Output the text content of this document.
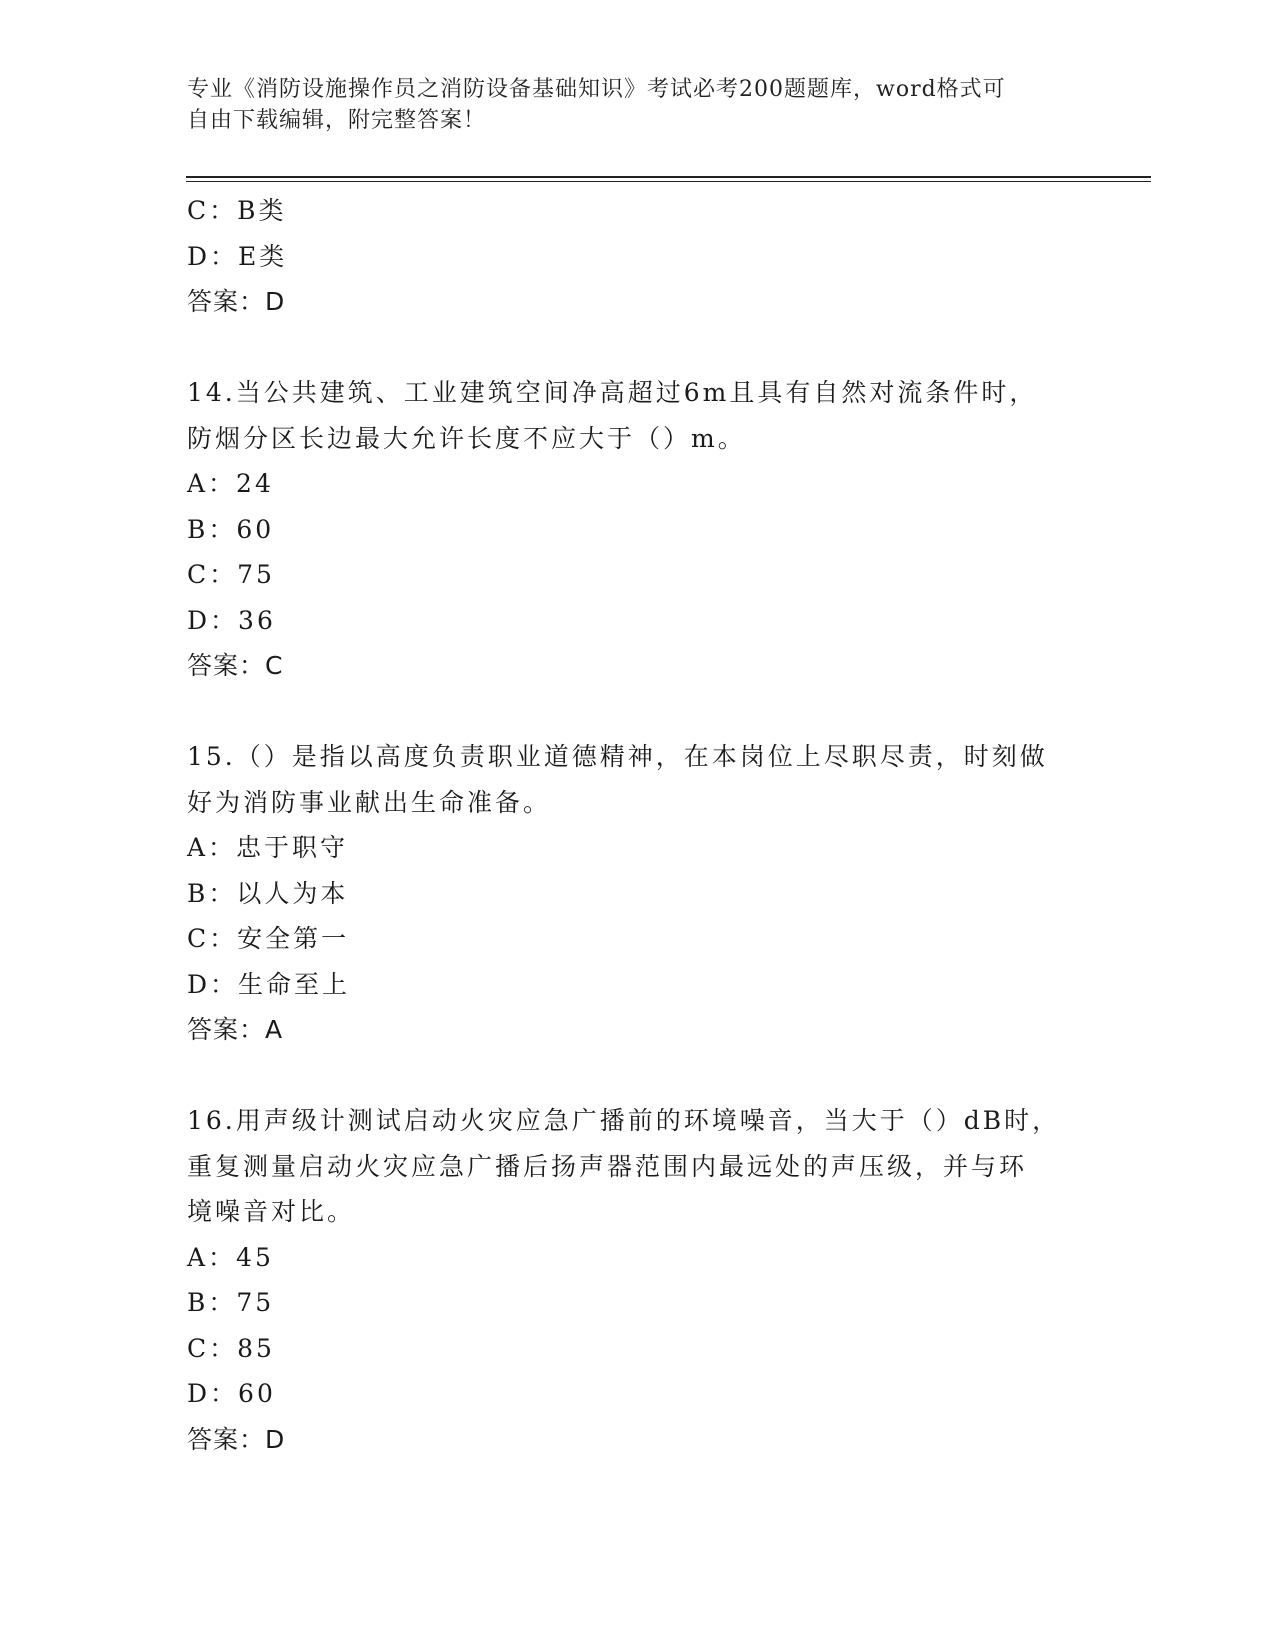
专业《消防设施操作员之消防设备基础知识》考试必考200题题库，word格式可
自由下载编辑，附完整答案！
C：B类
D：E类
答案：D
14.当公共建筑、工业建筑空间净高超过6m且具有自然对流条件时，
防烟分区长边最大允许长度不应大于（）m。
A：24
B：60
C：75
D：36
答案：C
15.（）是指以高度负责职业道德精神，在本岗位上尽职尽责，时刻做
好为消防事业献出生命准备。
A：忠于职守
B：以人为本
C：安全第一
D：生命至上
答案：A
16.用声级计测试启动火灾应急广播前的环境噪音，当大于（）dB时，
重复测量启动火灾应急广播后扬声器范围内最远处的声压级，并与环
境噪音对比。
A：45
B：75
C：85
D：60
答案：D
